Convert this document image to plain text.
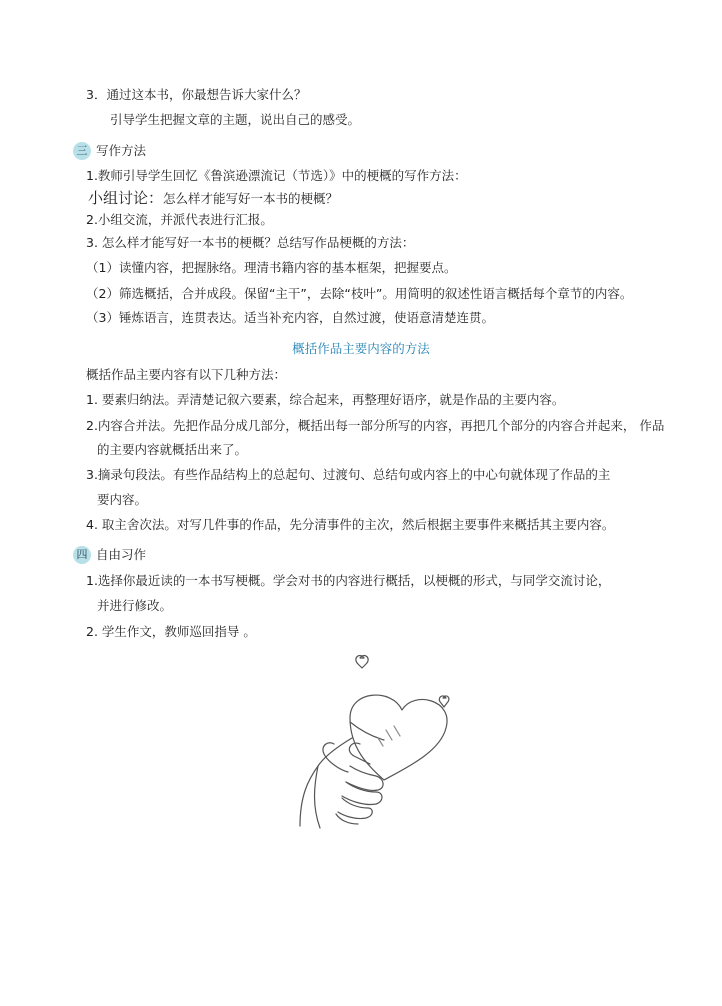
3．通过这本书，你最想告诉大家什么？
引导学生把握文章的主题，说出自己的感受。
三 写作方法
1.教师引导学生回忆《鲁滨逊漂流记（节选）》中的梗概的写作方法：
小组讨论：怎么样才能写好一本书的梗概？
2.小组交流，并派代表进行汇报。
3. 怎么样才能写好一本书的梗概？总结写作品梗概的方法：
（1）读懂内容，把握脉络。理清书籍内容的基本框架，把握要点。
（2）筛选概括，合并成段。保留“主干”，去除“枝叶”。用简明的叙述性语言概括每个章节的内容。
（3）锤炼语言，连贯表达。适当补充内容，自然过渡，使语意清楚连贯。
概括作品主要内容的方法
概括作品主要内容有以下几种方法：
1. 要素归纳法。弄清楚记叙六要素，综合起来，再整理好语序，就是作品的主要内容。
2.内容合并法。先把作品分成几部分，概括出每一部分所写的内容，再把几个部分的内容合并起来， 作品
的主要内容就概括出来了。
3.摘录句段法。有些作品结构上的总起句、过渡句、总结句或内容上的中心句就体现了作品的主
要内容。
4. 取主舍次法。对写几件事的作品，先分清事件的主次，然后根据主要事件来概括其主要内容。
四 自由习作
1.选择你最近读的一本书写梗概。学会对书的内容进行概括，以梗概的形式，与同学交流讨论，
并进行修改。
2. 学生作文，教师巡回指导 。
